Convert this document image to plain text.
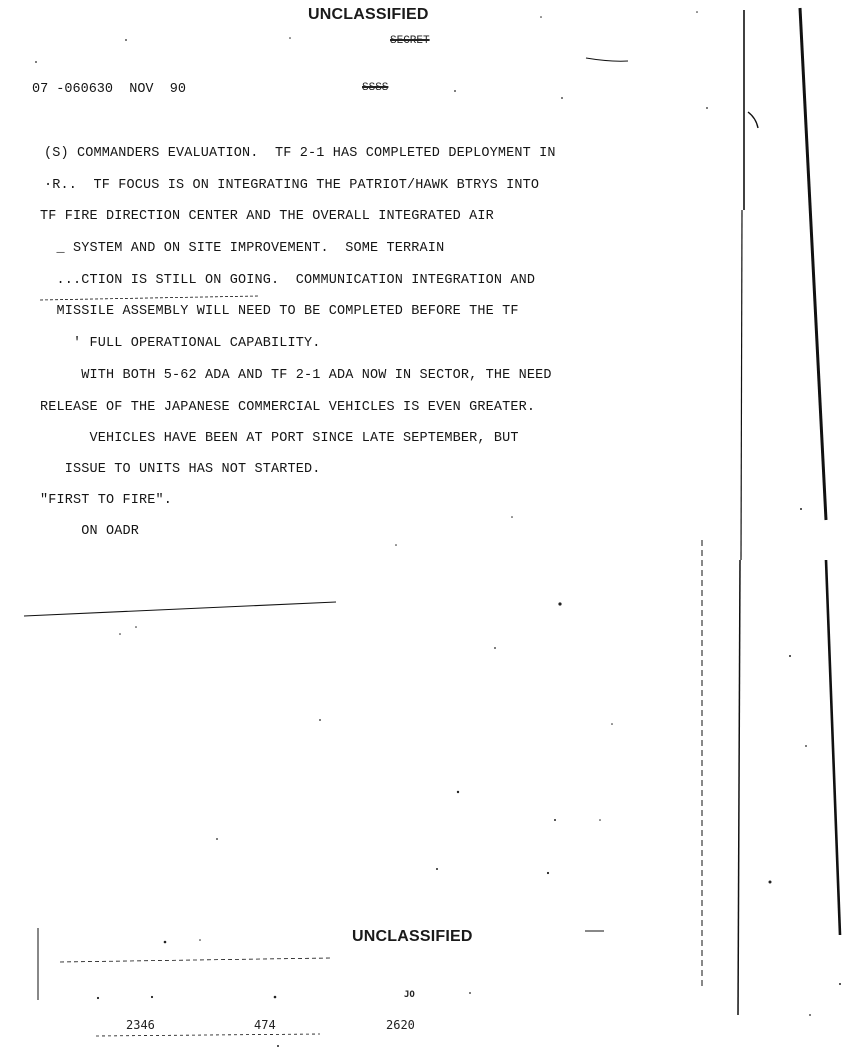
UNCLASSIFIED
SECRET
SSSS
07 -060630  NOV  90
(S) COMMANDERS EVALUATION.  TF 2-1 HAS COMPLETED DEPLOYMENT IN
·R..  TF FOCUS IS ON INTEGRATING THE PATRIOT/HAWK BTRYS INTO
TF FIRE DIRECTION CENTER AND THE OVERALL INTEGRATED AIR
_ SYSTEM AND ON SITE IMPROVEMENT.  SOME TERRAIN
...CTION IS STILL ON GOING.  COMMUNICATION INTEGRATION AND
MISSILE ASSEMBLY WILL NEED TO BE COMPLETED BEFORE THE TF
' FULL OPERATIONAL CAPABILITY.
WITH BOTH 5-62 ADA AND TF 2-1 ADA NOW IN SECTOR, THE NEED
RELEASE OF THE JAPANESE COMMERCIAL VEHICLES IS EVEN GREATER.
VEHICLES HAVE BEEN AT PORT SINCE LATE SEPTEMBER, BUT
ISSUE TO UNITS HAS NOT STARTED.
"FIRST TO FIRE".
ON OADR
UNCLASSIFIED
JO
2346	474	2620
